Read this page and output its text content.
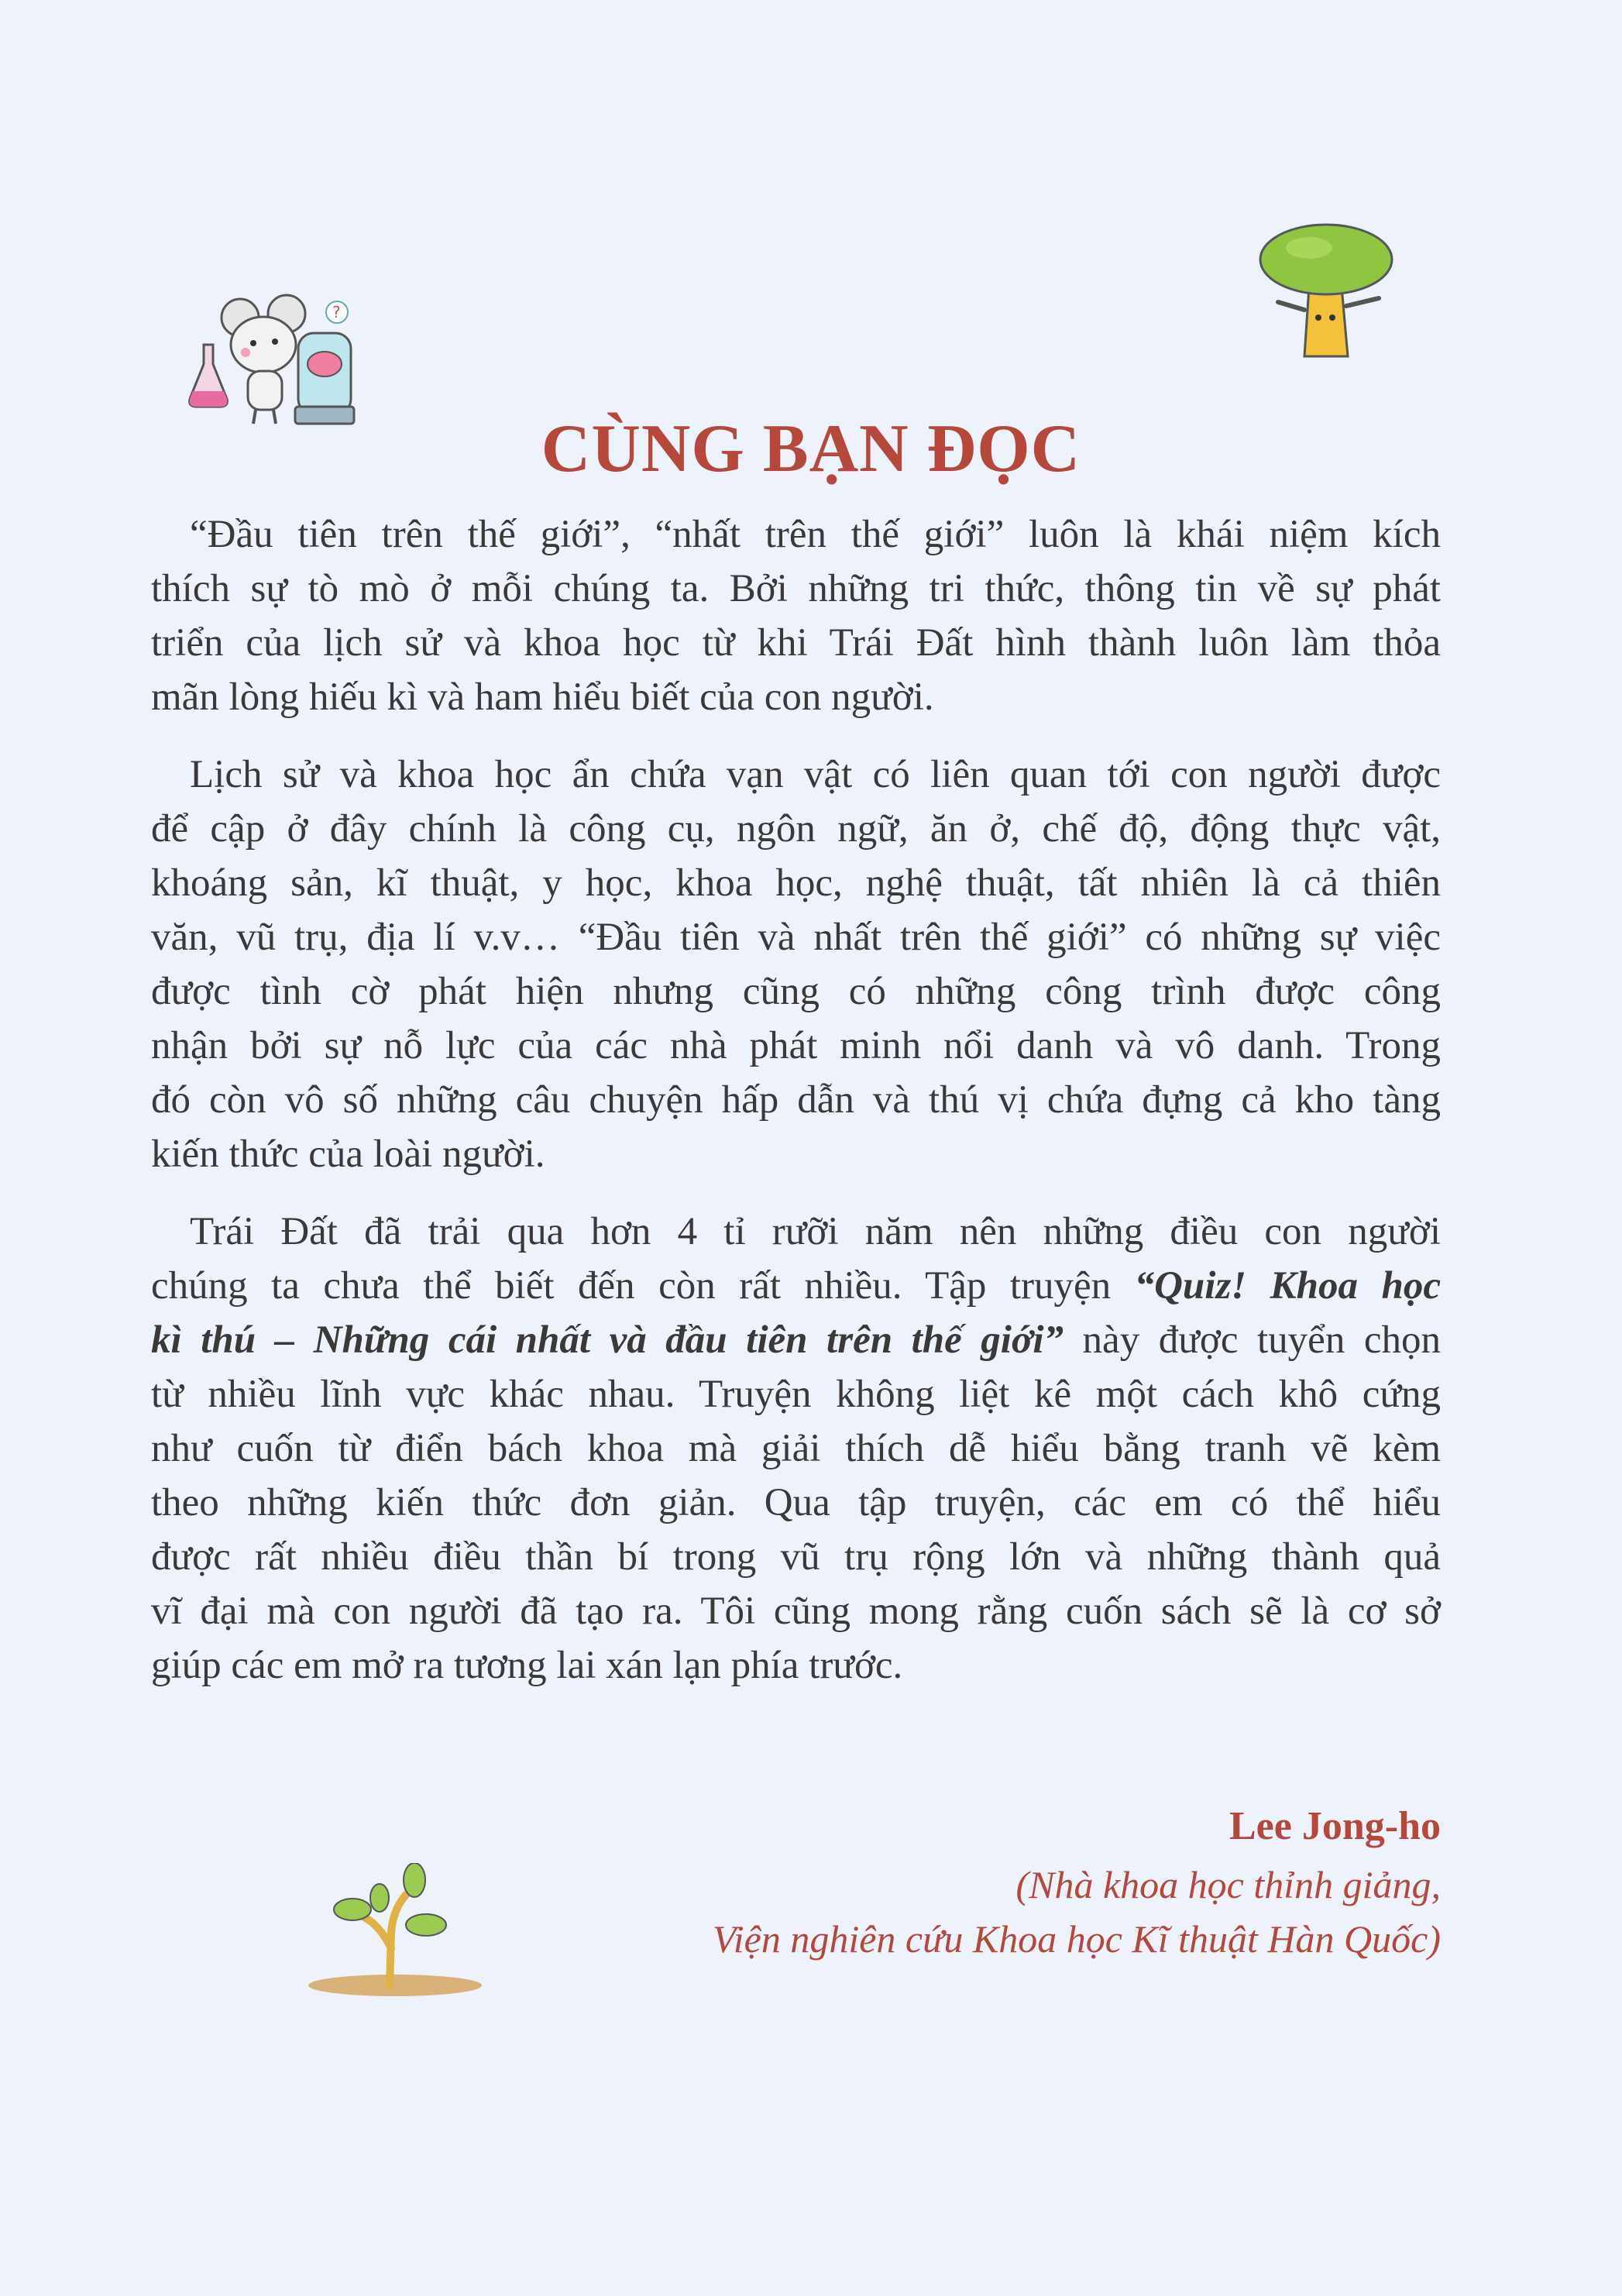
?
CÙNG BẠN ĐỌC
“Đầu tiên trên thế giới”, “nhất trên thế giới” luôn là khái niệm kích
thích sự tò mò ở mỗi chúng ta. Bởi những tri thức, thông tin về sự phát
triển của lịch sử và khoa học từ khi Trái Đất hình thành luôn làm thỏa
mãn lòng hiếu kì và ham hiểu biết của con người.
Lịch sử và khoa học ẩn chứa vạn vật có liên quan tới con người được
để cập ở đây chính là công cụ, ngôn ngữ, ăn ở, chế độ, động thực vật,
khoáng sản, kĩ thuật, y học, khoa học, nghệ thuật, tất nhiên là cả thiên
văn, vũ trụ, địa lí v.v… “Đầu tiên và nhất trên thế giới” có những sự việc
được tình cờ phát hiện nhưng cũng có những công trình được công
nhận bởi sự nỗ lực của các nhà phát minh nổi danh và vô danh. Trong
đó còn vô số những câu chuyện hấp dẫn và thú vị chứa đựng cả kho tàng
kiến thức của loài người.
Trái Đất đã trải qua hơn 4 tỉ rưỡi năm nên những điều con người
chúng ta chưa thể biết đến còn rất nhiều. Tập truyện “Quiz! Khoa học
kì thú – Những cái nhất và đầu tiên trên thế giới” này được tuyển chọn
từ nhiều lĩnh vực khác nhau. Truyện không liệt kê một cách khô cứng
như cuốn từ điển bách khoa mà giải thích dễ hiểu bằng tranh vẽ kèm
theo những kiến thức đơn giản. Qua tập truyện, các em có thể hiểu
được rất nhiều điều thần bí trong vũ trụ rộng lớn và những thành quả
vĩ đại mà con người đã tạo ra. Tôi cũng mong rằng cuốn sách sẽ là cơ sở
giúp các em mở ra tương lai xán lạn phía trước.
Lee Jong-ho
(Nhà khoa học thỉnh giảng,
Viện nghiên cứu Khoa học Kĩ thuật Hàn Quốc)
